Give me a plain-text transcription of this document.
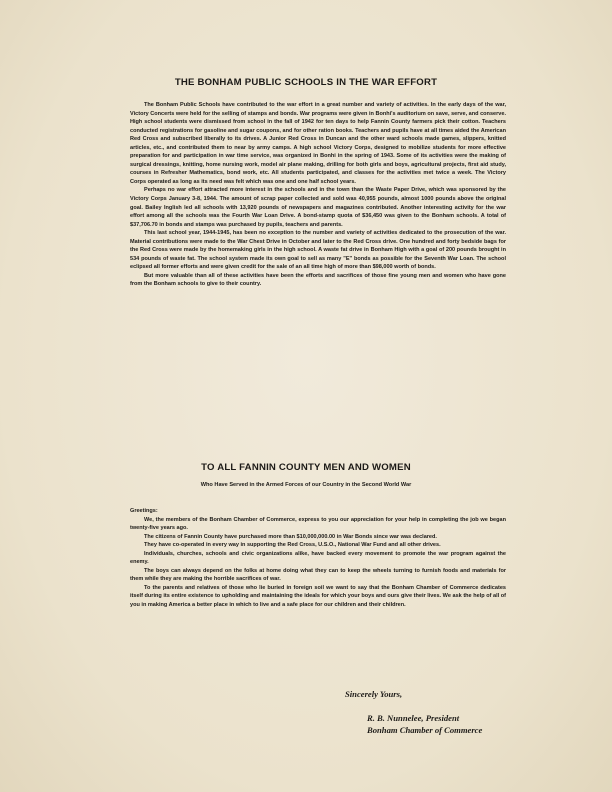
THE BONHAM PUBLIC SCHOOLS IN THE WAR EFFORT

The Bonham Public Schools have contributed to the war effort in a great number and variety of activities. In the early days of the war, Victory Concerts were held for the selling of stamps and bonds. War programs were given in Bonhi's auditorium on save, serve, and conserve. High school students were dismissed from school in the fall of 1942 for ten days to help Fannin County farmers pick their cotton. Teachers conducted registrations for gasoline and sugar coupons, and for other ration books. Teachers and pupils have at all times aided the American Red Cross and subscribed liberally to its drives. A Junior Red Cross in Duncan and the other ward schools made games, slippers, knitted articles, etc., and contributed them to near by army camps. A high school Victory Corps, designed to mobilize students for more effective preparation for and participation in war time service, was organized in Bonhi in the spring of 1943. Some of its activities were the making of surgical dressings, knitting, home nursing work, model air plane making, drilling for both girls and boys, agricultural projects, first aid study, courses in Refresher Mathematics, bond work, etc. All students participated, and classes for the activities met twice a week. The Victory Corps operated as long as its need was felt which was one and one half school years.

Perhaps no war effort attracted more interest in the schools and in the town than the Waste Paper Drive, which was sponsored by the Victory Corps January 3-8, 1944. The amount of scrap paper collected and sold was 40,955 pounds, almost 1000 pounds above the original goal. Bailey Inglish led all schools with 13,920 pounds of newspapers and magazines contributed. Another interesting activity for the war effort among all the schools was the Fourth War Loan Drive. A bond-stamp quota of $36,450 was given to the Bonham schools. A total of $37,706.70 in bonds and stamps was purchased by pupils, teachers and parents.

This last school year, 1944-1945, has been no exception to the number and variety of activities dedicated to the prosecution of the war. Material contributions were made to the War Chest Drive in October and later to the Red Cross drive. One hundred and forty bedside bags for the Red Cross were made by the homemaking girls in the high school. A waste fat drive in Bonham High with a goal of 200 pounds brought in 534 pounds of waste fat. The school system made its own goal to sell as many "E" bonds as possible for the Seventh War Loan. The school eclipsed all former efforts and were given credit for the sale of an all time high of more than $98,000 worth of bonds.

But more valuable than all of these activities have been the efforts and sacrifices of those fine young men and women who have gone from the Bonham schools to give to their country.

TO ALL FANNIN COUNTY MEN AND WOMEN

Who Have Served in the Armed Forces of our Country in the Second World War

Greetings:

We, the members of the Bonham Chamber of Commerce, express to you our appreciation for your help in completing the job we began twenty-five years ago.

The citizens of Fannin County have purchased more than $10,000,000.00 in War Bonds since war was declared.

They have co-operated in every way in supporting the Red Cross, U.S.O., National War Fund and all other drives.

Individuals, churches, schools and civic organizations alike, have backed every movement to promote the war program against the enemy.

The boys can always depend on the folks at home doing what they can to keep the wheels turning to furnish foods and materials for them while they are making the horrible sacrifices of war.

To the parents and relatives of those who lie buried in foreign soil we want to say that the Bonham Chamber of Commerce dedicates itself during its entire existence to upholding and maintaining the ideals for which your boys and ours give their lives. We ask the help of all of you in making America a better place in which to live and a safe place for our children and their children.

Sincerely Yours,
R. B. Nunnelee, President
Bonham Chamber of Commerce
